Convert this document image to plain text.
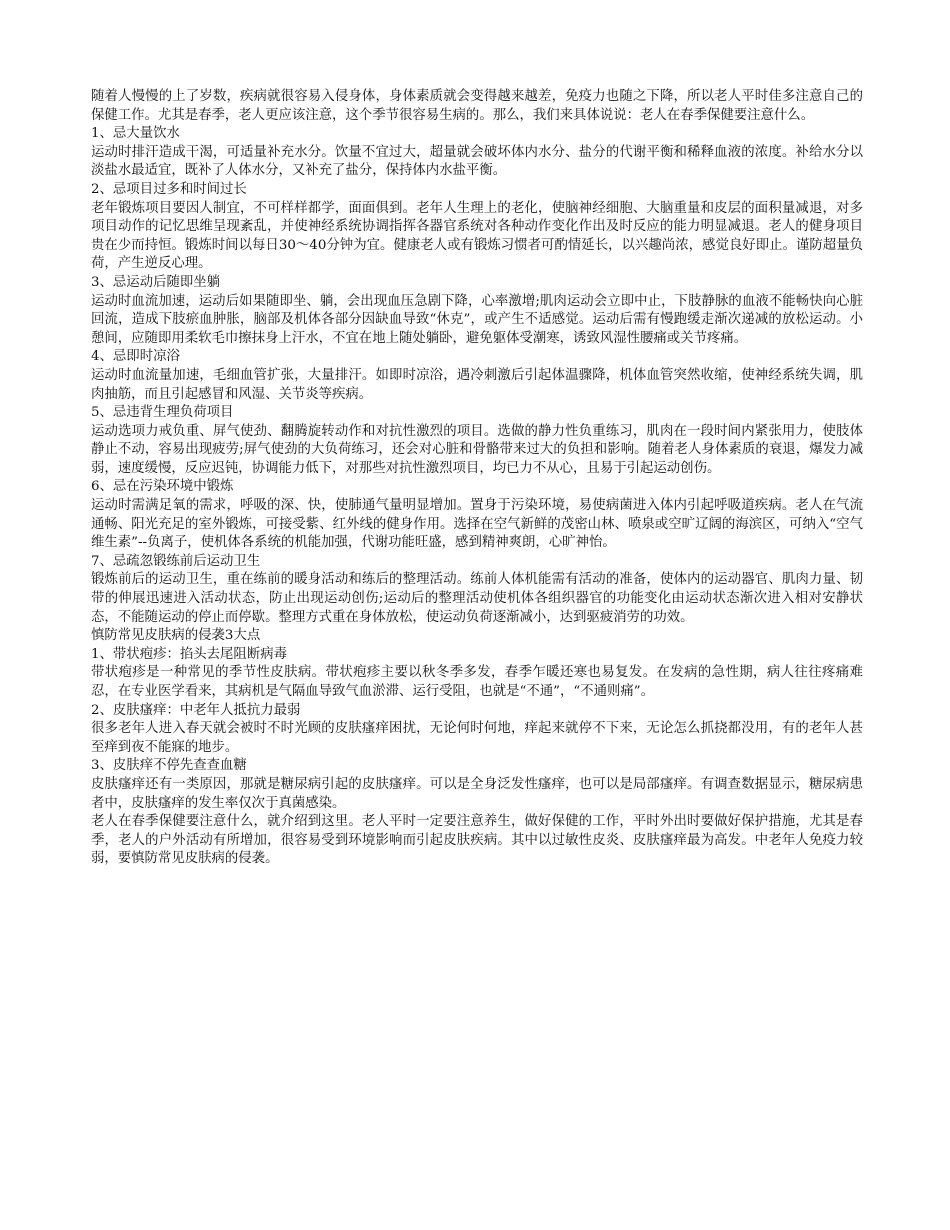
随着人慢慢的上了岁数，疾病就很容易入侵身体，身体素质就会变得越来越差，免疫力也随之下降，所以老人平时佳多注意自己的保健工作。尤其是春季，老人更应该注意，这个季节很容易生病的。那么，我们来具体说说：老人在春季保健要注意什么。

1、忌大量饮水

运动时排汗造成干渴，可适量补充水分。饮量不宜过大，超量就会破坏体内水分、盐分的代谢平衡和稀释血液的浓度。补给水分以淡盐水最适宜，既补了人体水分，又补充了盐分，保持体内水盐平衡。

2、忌项目过多和时间过长

老年锻炼项目要因人制宜，不可样样都学，面面俱到。老年人生理上的老化，使脑神经细胞、大脑重量和皮层的面积量减退，对多项目动作的记忆思维呈现紊乱，并使神经系统协调指挥各器官系统对各种动作变化作出及时反应的能力明显减退。老人的健身项目贵在少而持恒。锻炼时间以每日30～40分钟为宜。健康老人或有锻炼习惯者可酌情延长，以兴趣尚浓，感觉良好即止。谨防超量负荷，产生逆反心理。

3、忌运动后随即坐躺

运动时血流加速，运动后如果随即坐、躺，会出现血压急剧下降，心率激增;肌肉运动会立即中止，下肢静脉的血液不能畅快向心脏回流，造成下肢瘀血肿胀，脑部及机体各部分因缺血导致“休克”，或产生不适感觉。运动后需有慢跑缓走渐次递减的放松运动。小憩间，应随即用柔软毛巾擦抹身上汗水，不宜在地上随处躺卧，避免躯体受潮寒，诱致风湿性腰痛或关节疼痛。

4、忌即时凉浴

运动时血流量加速，毛细血管扩张，大量排汗。如即时凉浴，遇冷刺激后引起体温骤降，机体血管突然收缩，使神经系统失调，肌肉抽筋，而且引起感冒和风湿、关节炎等疾病。

5、忌违背生理负荷项目

运动选项力戒负重、屏气使劲、翻腾旋转动作和对抗性激烈的项目。选做的静力性负重练习，肌肉在一段时间内紧张用力，使肢体静止不动，容易出现疲劳;屏气使劲的大负荷练习，还会对心脏和骨骼带来过大的负担和影响。随着老人身体素质的衰退，爆发力减弱，速度缓慢，反应迟钝，协调能力低下，对那些对抗性激烈项目，均已力不从心，且易于引起运动创伤。

6、忌在污染环境中锻炼

运动时需满足氧的需求，呼吸的深、快，使肺通气量明显增加。置身于污染环境，易使病菌进入体内引起呼吸道疾病。老人在气流通畅、阳光充足的室外锻炼，可接受紫、红外线的健身作用。选择在空气新鲜的茂密山林、喷泉或空旷辽阔的海滨区，可纳入“空气维生素”--负离子，使机体各系统的机能加强，代谢功能旺盛，感到精神爽朗，心旷神怡。

7、忌疏忽锻练前后运动卫生

锻炼前后的运动卫生，重在练前的暖身活动和练后的整理活动。练前人体机能需有活动的准备，使体内的运动器官、肌肉力量、韧带的伸展迅速进入活动状态，防止出现运动创伤;运动后的整理活动使机体各组织器官的功能变化由运动状态渐次进入相对安静状态，不能随运动的停止而停歇。整理方式重在身体放松，使运动负荷逐渐减小，达到驱疲消劳的功效。

慎防常见皮肤病的侵袭3大点
1、带状疱疹：掐头去尾阻断病毒

带状疱疹是一种常见的季节性皮肤病。带状疱疹主要以秋冬季多发，春季乍暖还寒也易复发。在发病的急性期，病人往往疼痛难忍，在专业医学看来，其病机是气隔血导致气血淤滞、运行受阻，也就是“不通”，“不通则痛”。

2、皮肤瘙痒：中老年人抵抗力最弱

很多老年人进入春天就会被时不时光顾的皮肤瘙痒困扰，无论何时何地，痒起来就停不下来，无论怎么抓挠都没用，有的老年人甚至痒到夜不能寐的地步。

3、皮肤痒不停先查查血糖

皮肤瘙痒还有一类原因，那就是糖尿病引起的皮肤瘙痒。可以是全身泛发性瘙痒，也可以是局部瘙痒。有调查数据显示，糖尿病患者中，皮肤瘙痒的发生率仅次于真菌感染。

老人在春季保健要注意什么，就介绍到这里。老人平时一定要注意养生，做好保健的工作，平时外出时要做好保护措施，尤其是春季，老人的户外活动有所增加，很容易受到环境影响而引起皮肤疾病。其中以过敏性皮炎、皮肤瘙痒最为高发。中老年人免疫力较弱，要慎防常见皮肤病的侵袭。
